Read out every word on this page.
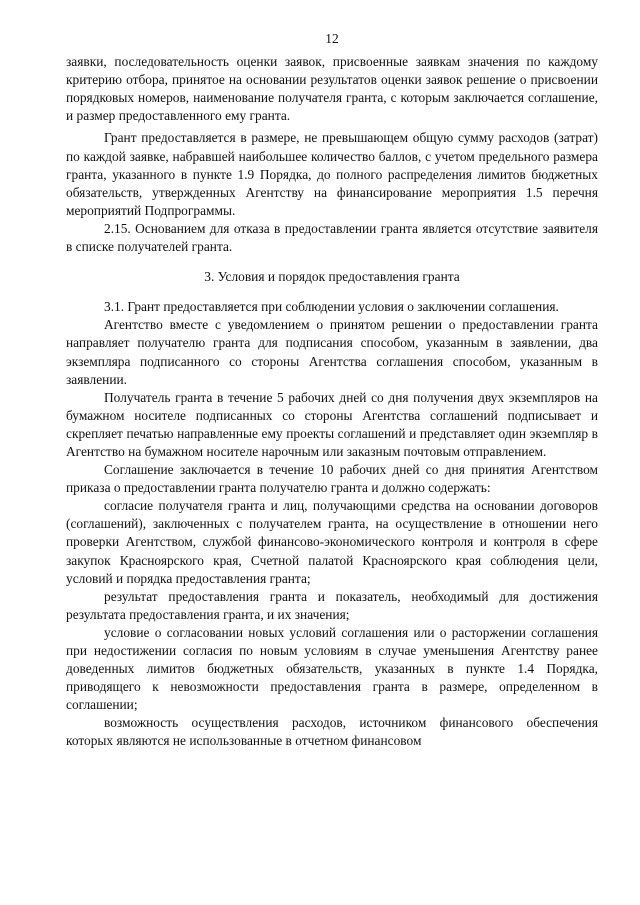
12

заявки, последовательность оценки заявок, присвоенные заявкам значения по каждому критерию отбора, принятое на основании результатов оценки заявок решение о присвоении порядковых номеров, наименование получателя гранта, с которым заключается соглашение, и размер предоставленного ему гранта.

Грант предоставляется в размере, не превышающем общую сумму расходов (затрат) по каждой заявке, набравшей наибольшее количество баллов, с учетом предельного размера гранта, указанного в пункте 1.9 Порядка, до полного распределения лимитов бюджетных обязательств, утвержденных Агентству на финансирование мероприятия 1.5 перечня мероприятий Подпрограммы.

2.15. Основанием для отказа в предоставлении гранта является отсутствие заявителя в списке получателей гранта.

3. Условия и порядок предоставления гранта

3.1. Грант предоставляется при соблюдении условия о заключении соглашения.

Агентство вместе с уведомлением о принятом решении о предоставлении гранта направляет получателю гранта для подписания способом, указанным в заявлении, два экземпляра подписанного со стороны Агентства соглашения способом, указанным в заявлении.

Получатель гранта в течение 5 рабочих дней со дня получения двух экземпляров на бумажном носителе подписанных со стороны Агентства соглашений подписывает и скрепляет печатью направленные ему проекты соглашений и представляет один экземпляр в Агентство на бумажном носителе нарочным или заказным почтовым отправлением.

Соглашение заключается в течение 10 рабочих дней со дня принятия Агентством приказа о предоставлении гранта получателю гранта и должно содержать:

согласие получателя гранта и лиц, получающими средства на основании договоров (соглашений), заключенных с получателем гранта, на осуществление в отношении него проверки Агентством, службой финансово-экономического контроля и контроля в сфере закупок Красноярского края, Счетной палатой Красноярского края соблюдения цели, условий и порядка предоставления гранта;

результат предоставления гранта и показатель, необходимый для достижения результата предоставления гранта, и их значения;

условие о согласовании новых условий соглашения или о расторжении соглашения при недостижении согласия по новым условиям в случае уменьшения Агентству ранее доведенных лимитов бюджетных обязательств, указанных в пункте 1.4 Порядка, приводящего к невозможности предоставления гранта в размере, определенном в соглашении;

возможность осуществления расходов, источником финансового обеспечения которых являются не использованные в отчетном финансовом
